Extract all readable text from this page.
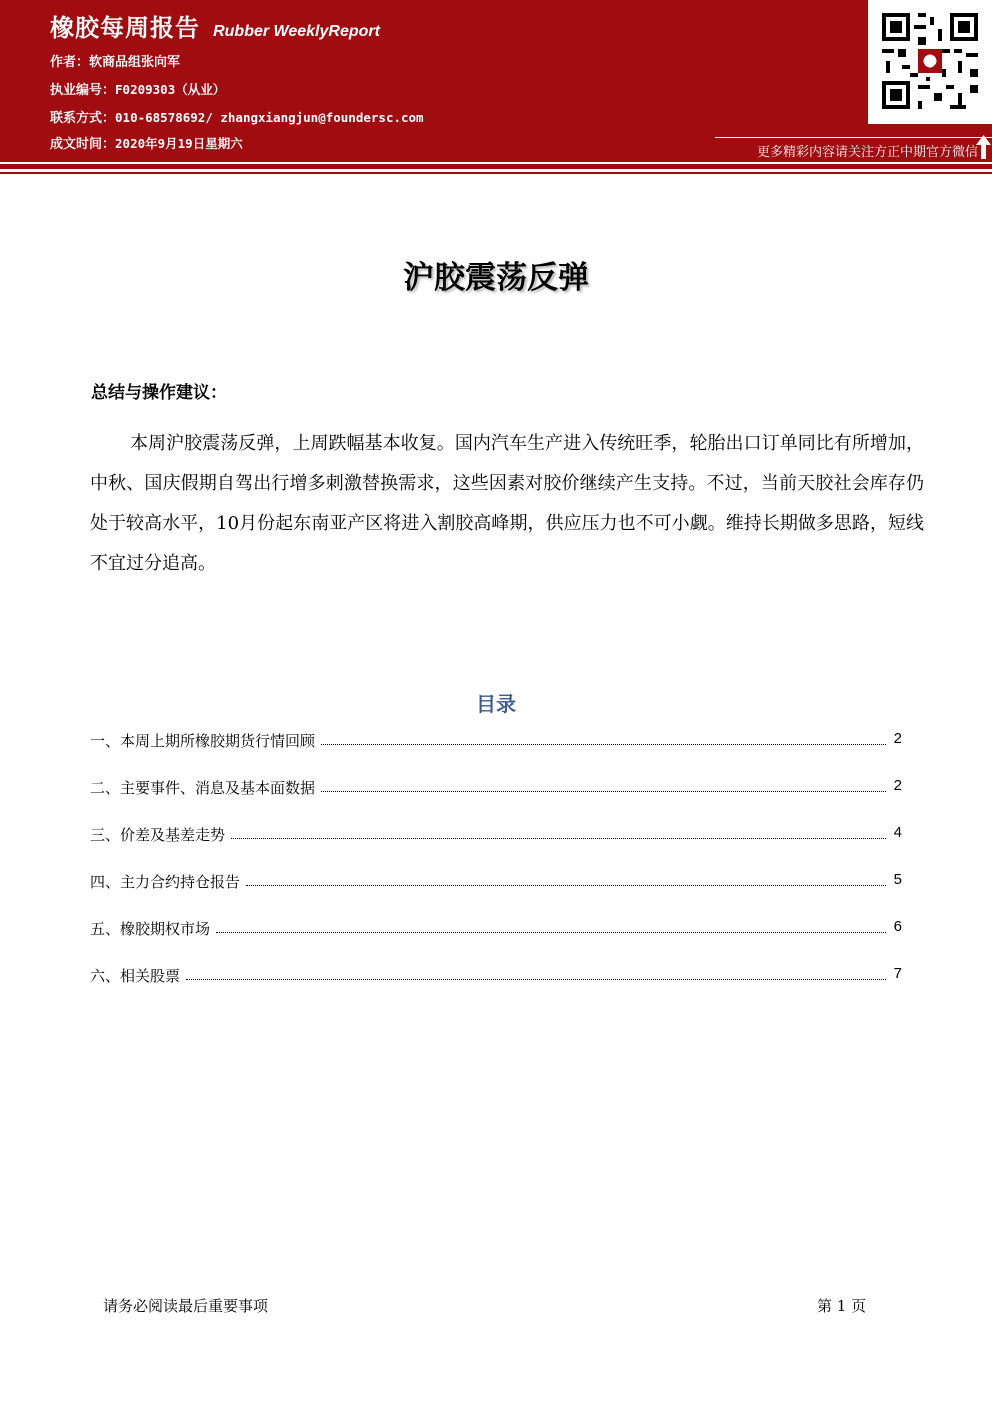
橡胶每周报告 Rubber WeeklyReport
作者：软商品组张向军
执业编号：F0209303（从业）
联系方式：010-68578692/ zhangxiangjun@foundersc.com
成文时间：2020年9月19日星期六
更多精彩内容请关注方正中期官方微信
沪胶震荡反弹
总结与操作建议：
本周沪胶震荡反弹，上周跌幅基本收复。国内汽车生产进入传统旺季，轮胎出口订单同比有所增加，中秋、国庆假期自驾出行增多刺激替换需求，这些因素对胶价继续产生支持。不过，当前天胶社会库存仍处于较高水平，10月份起东南亚产区将进入割胶高峰期，供应压力也不可小觑。维持长期做多思路，短线不宜过分追高。
目录
一、本周上期所橡胶期货行情回顾	2
二、主要事件、消息及基本面数据	2
三、价差及基差走势	4
四、主力合约持仓报告	5
五、橡胶期权市场	6
六、相关股票	7
请务必阅读最后重要事项	第 1 页
